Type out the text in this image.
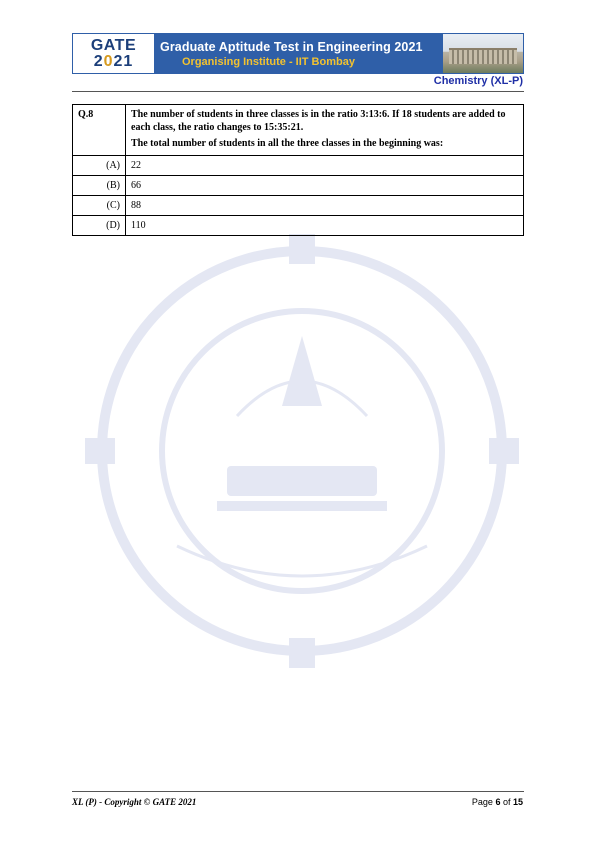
GATE
2021
Graduate Aptitude Test in Engineering 2021
Organising Institute - IIT Bombay
Chemistry (XL-P)
Q.8	The number of students in three classes is in the ratio 3:13:6. If 18 students are added to each class, the ratio changes to 15:35:21.

The total number of students in all the three classes in the beginning was:

(A)	22
(B)	66
(C)	88
(D)	110
XL (P) - Copyright © GATE 2021	Page 6 of 15
